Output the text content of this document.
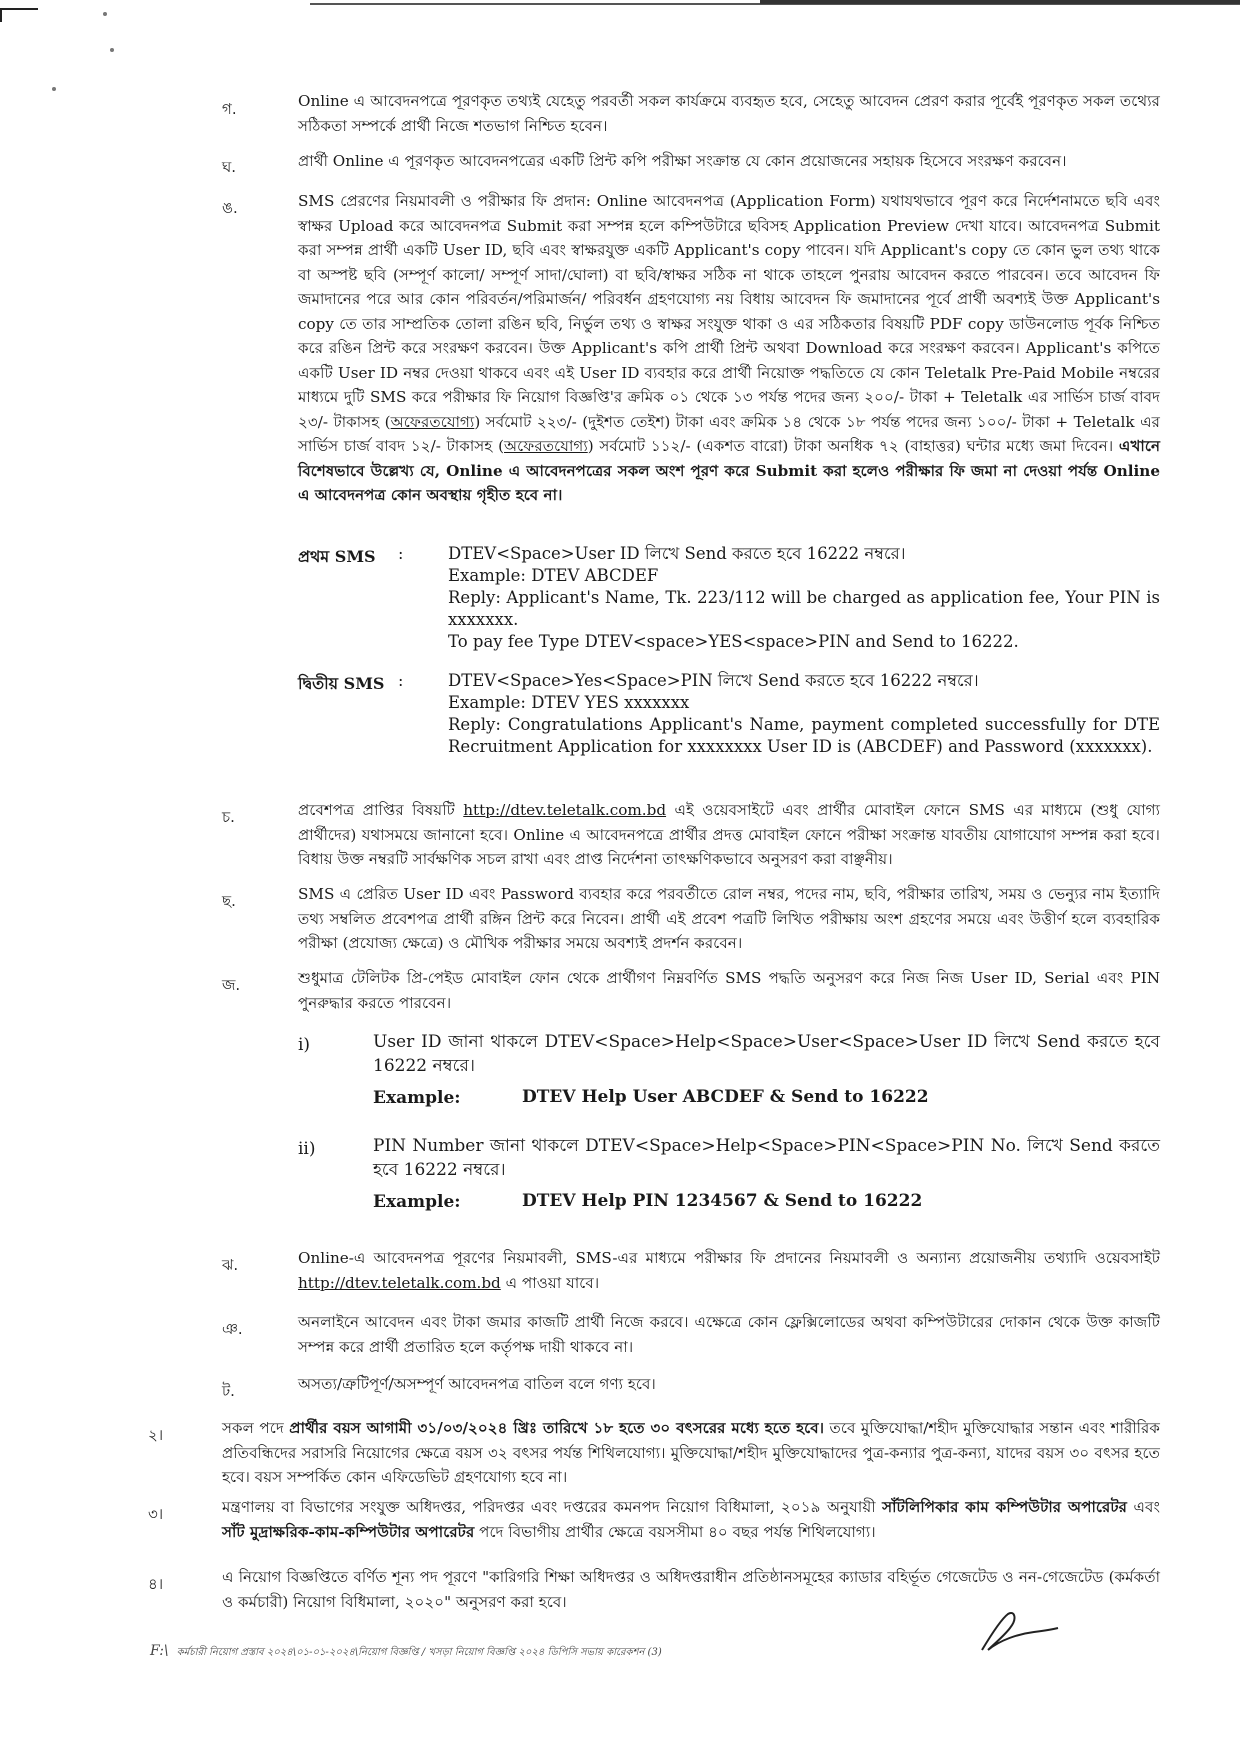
গ.	Online এ আবেদনপত্রে পূরণকৃত তথ্যই যেহেতু পরবর্তী সকল কার্যক্রমে ব্যবহৃত হবে, সেহেতু আবেদন প্রেরণ করার পূর্বেই পূরণকৃত সকল তথ্যের সঠিকতা সম্পর্কে প্রার্থী নিজে শতভাগ নিশ্চিত হবেন।
ঘ.	প্রার্থী Online এ পূরণকৃত আবেদনপত্রের একটি প্রিন্ট কপি পরীক্ষা সংক্রান্ত যে কোন প্রয়োজনের সহায়ক হিসেবে সংরক্ষণ করবেন।
ঙ.	SMS প্রেরণের নিয়মাবলী ও পরীক্ষার ফি প্রদান: Online আবেদনপত্র (Application Form) যথাযথভাবে পূরণ করে নির্দেশনামতে ছবি এবং স্বাক্ষর Upload করে আবেদনপত্র Submit করা সম্পন্ন হলে কম্পিউটারে ছবিসহ Application Preview দেখা যাবে। আবেদনপত্র Submit করা সম্পন্ন প্রার্থী একটি User ID, ছবি এবং স্বাক্ষরযুক্ত একটি Applicant's copy পাবেন। যদি Applicant's copy তে কোন ভুল তথ্য থাকে বা অস্পষ্ট ছবি (সম্পূর্ণ কালো/ সম্পূর্ণ সাদা/ঘোলা) বা ছবি/স্বাক্ষর সঠিক না থাকে তাহলে পুনরায় আবেদন করতে পারবেন। তবে আবেদন ফি জমাদানের পরে আর কোন পরিবর্তন/পরিমার্জন/ পরিবর্ধন গ্রহণযোগ্য নয় বিধায় আবেদন ফি জমাদানের পূর্বে প্রার্থী অবশ্যই উক্ত Applicant's copy তে তার সাম্প্রতিক তোলা রঙিন ছবি, নির্ভুল তথ্য ও স্বাক্ষর সংযুক্ত থাকা ও এর সঠিকতার বিষয়টি PDF copy ডাউনলোড পূর্বক নিশ্চিত করে রঙিন প্রিন্ট করে সংরক্ষণ করবেন। উক্ত Applicant's কপি প্রার্থী প্রিন্ট অথবা Download করে সংরক্ষণ করবেন। Applicant's কপিতে একটি User ID নম্বর দেওয়া থাকবে এবং এই User ID ব্যবহার করে প্রার্থী নিয়োক্ত পদ্ধতিতে যে কোন Teletalk Pre-Paid Mobile নম্বরের মাধ্যমে দুটি SMS করে পরীক্ষার ফি নিয়োগ বিজ্ঞপ্তি'র ক্রমিক ০১ থেকে ১৩ পর্যন্ত পদের জন্য ২০০/- টাকা + Teletalk এর সার্ভিস চার্জ বাবদ ২৩/- টাকাসহ (অফেরতযোগ্য) সর্বমোট ২২৩/- (দুইশত তেইশ) টাকা এবং ক্রমিক ১৪ থেকে ১৮ পর্যন্ত পদের জন্য ১০০/- টাকা + Teletalk এর সার্ভিস চার্জ বাবদ ১২/- টাকাসহ (অফেরতযোগ্য) সর্বমোট ১১২/- (একশত বারো) টাকা অনধিক ৭২ (বাহাত্তর) ঘন্টার মধ্যে জমা দিবেন। এখানে বিশেষভাবে উল্লেখ্য যে, Online এ আবেদনপত্রের সকল অংশ পূরণ করে Submit করা হলেও পরীক্ষার ফি জমা না দেওয়া পর্যন্ত Online এ আবেদনপত্র কোন অবস্থায় গৃহীত হবে না।
প্রথম SMS :	DTEV<Space>User ID লিখে Send করতে হবে 16222 নম্বরে।
Example: DTEV ABCDEF
Reply: Applicant's Name, Tk. 223/112 will be charged as application fee, Your PIN is xxxxxxx.
To pay fee Type DTEV<space>YES<space>PIN and Send to 16222.
দ্বিতীয় SMS :	DTEV<Space>Yes<Space>PIN লিখে Send করতে হবে 16222 নম্বরে।
Example: DTEV YES xxxxxxx
Reply: Congratulations Applicant's Name, payment completed successfully for DTE Recruitment Application for xxxxxxxx User ID is (ABCDEF) and Password (xxxxxxx).
চ.	প্রবেশপত্র প্রাপ্তির বিষয়টি http://dtev.teletalk.com.bd এই ওয়েবসাইটে এবং প্রার্থীর মোবাইল ফোনে SMS এর মাধ্যমে (শুধু যোগ্য প্রার্থীদের) যথাসময়ে জানানো হবে। Online এ আবেদনপত্রে প্রার্থীর প্রদত্ত মোবাইল ফোনে পরীক্ষা সংক্রান্ত যাবতীয় যোগাযোগ সম্পন্ন করা হবে। বিধায় উক্ত নম্বরটি সার্বক্ষণিক সচল রাখা এবং প্রাপ্ত নির্দেশনা তাৎক্ষণিকভাবে অনুসরণ করা বাঞ্ছনীয়।
ছ.	SMS এ প্রেরিত User ID এবং Password ব্যবহার করে পরবর্তীতে রোল নম্বর, পদের নাম, ছবি, পরীক্ষার তারিখ, সময় ও ভেন্যুর নাম ইত্যাদি তথ্য সম্বলিত প্রবেশপত্র প্রার্থী রঙ্গিন প্রিন্ট করে নিবেন। প্রার্থী এই প্রবেশ পত্রটি লিখিত পরীক্ষায় অংশ গ্রহণের সময়ে এবং উত্তীর্ণ হলে ব্যবহারিক পরীক্ষা (প্রযোজ্য ক্ষেত্রে) ও মৌখিক পরীক্ষার সময়ে অবশ্যই প্রদর্শন করবেন।
জ.	শুধুমাত্র টেলিটক প্রি-পেইড মোবাইল ফোন থেকে প্রার্থীগণ নিম্নবর্ণিত SMS পদ্ধতি অনুসরণ করে নিজ নিজ User ID, Serial এবং PIN পুনরুদ্ধার করতে পারবেন।
i)	User ID জানা থাকলে DTEV<Space>Help<Space>User<Space>User ID লিখে Send করতে হবে 16222 নম্বরে।
Example:	DTEV Help User ABCDEF & Send to 16222
ii)	PIN Number জানা থাকলে DTEV<Space>Help<Space>PIN<Space>PIN No. লিখে Send করতে হবে 16222 নম্বরে।
Example:	DTEV Help PIN 1234567 & Send to 16222
ঝ.	Online-এ আবেদনপত্র পূরণের নিয়মাবলী, SMS-এর মাধ্যমে পরীক্ষার ফি প্রদানের নিয়মাবলী ও অন্যান্য প্রয়োজনীয় তথ্যাদি ওয়েবসাইট http://dtev.teletalk.com.bd এ পাওয়া যাবে।
ঞ.	অনলাইনে আবেদন এবং টাকা জমার কাজটি প্রার্থী নিজে করবে। এক্ষেত্রে কোন ফ্লেক্সিলোডের অথবা কম্পিউটারের দোকান থেকে উক্ত কাজটি সম্পন্ন করে প্রার্থী প্রতারিত হলে কর্তৃপক্ষ দায়ী থাকবে না।
ট.	অসত্য/ত্রুটিপূর্ণ/অসম্পূর্ণ আবেদনপত্র বাতিল বলে গণ্য হবে।
২।	সকল পদে প্রার্থীর বয়স আগামী ৩১/০৩/২০২৪ খ্রিঃ তারিখে ১৮ হতে ৩০ বৎসরের মধ্যে হতে হবে। তবে মুক্তিযোদ্ধা/শহীদ মুক্তিযোদ্ধার সন্তান এবং শারীরিক প্রতিবন্ধিদের সরাসরি নিয়োগের ক্ষেত্রে বয়স ৩২ বৎসর পর্যন্ত শিথিলযোগ্য। মুক্তিযোদ্ধা/শহীদ মুক্তিযোদ্ধাদের পুত্র-কন্যার পুত্র-কন্যা, যাদের বয়স ৩০ বৎসর হতে হবে। বয়স সম্পর্কিত কোন এফিডেভিট গ্রহণযোগ্য হবে না।
৩।	মন্ত্রণালয় বা বিভাগের সংযুক্ত অধিদপ্তর, পরিদপ্তর এবং দপ্তরের কমনপদ নিয়োগ বিধিমালা, ২০১৯ অনুযায়ী সাঁটলিপিকার কাম কম্পিউটার অপারেটর এবং সাঁট মুদ্রাক্ষরিক-কাম-কম্পিউটার অপারেটর পদে বিভাগীয় প্রার্থীর ক্ষেত্রে বয়সসীমা ৪০ বছর পর্যন্ত শিথিলযোগ্য।
৪।	এ নিয়োগ বিজ্ঞপ্তিতে বর্ণিত শূন্য পদ পূরণে "কারিগরি শিক্ষা অধিদপ্তর ও অধিদপ্তরাধীন প্রতিষ্ঠানসমূহের ক্যাডার বহির্ভূত গেজেটেড ও নন-গেজেটেড (কর্মকর্তা ও কর্মচারী) নিয়োগ বিধিমালা, ২০২০" অনুসরণ করা হবে।
F:\ কর্মচারী নিয়োগ প্রস্তাব ২০২৪\০১-০১-২০২৪\নিয়োগ বিজ্ঞপ্তি / খসড়া নিয়োগ বিজ্ঞপ্তি ২০২৪ ডিপিসি সভায় কারেকশন (3)
